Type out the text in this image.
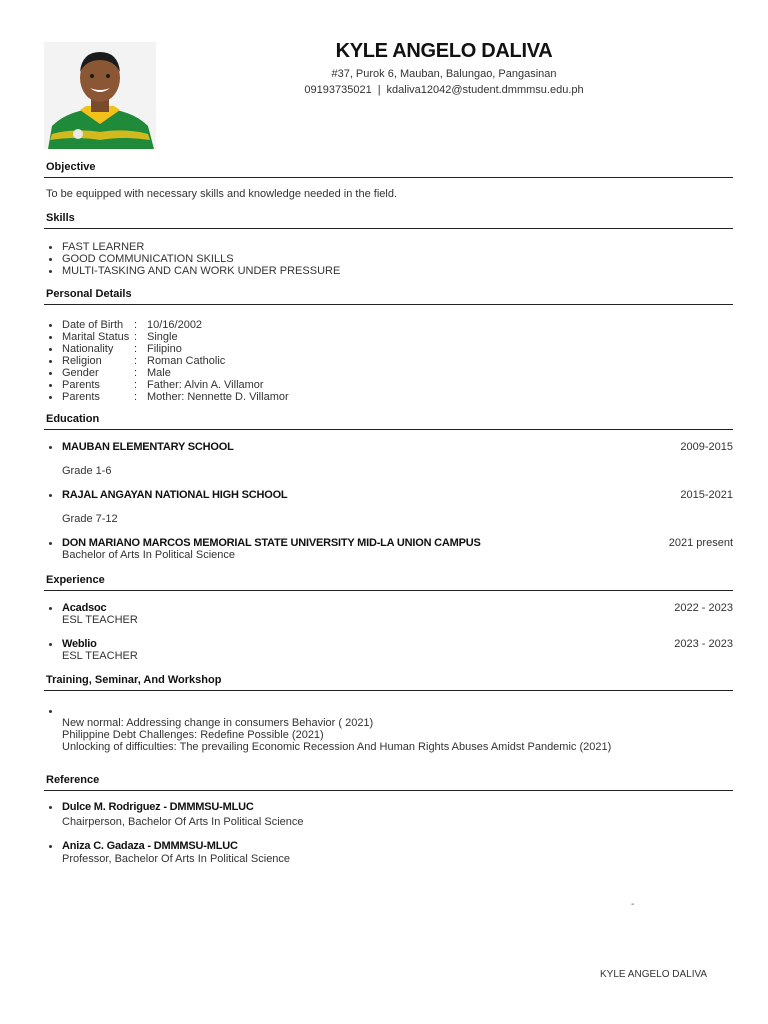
KYLE ANGELO DALIVA
#37, Purok 6, Mauban, Balungao, Pangasinan
09193735021 | kdaliva12042@student.dmmmsu.edu.ph
Objective
To be equipped with necessary skills and knowledge needed in the field.
Skills
FAST LEARNER
GOOD COMMUNICATION SKILLS
MULTI-TASKING AND CAN WORK UNDER PRESSURE
Personal Details
Date of Birth : 10/16/2002
Marital Status : Single
Nationality : Filipino
Religion	: Roman Catholic
Gender	: Male
Parents	: Father: Alvin A. Villamor
Parents	: Mother: Nennette D. Villamor
Education
MAUBAN ELEMENTARY SCHOOL	2009-2015
Grade 1-6
RAJAL ANGAYAN NATIONAL HIGH SCHOOL	2015-2021
Grade 7-12
DON MARIANO MARCOS MEMORIAL STATE UNIVERSITY MID-LA UNION CAMPUS	2021 present
Bachelor of Arts In Political Science
Experience
Acadsoc	2022 - 2023
ESL TEACHER
Weblio	2023 - 2023
ESL TEACHER
Training, Seminar, And Workshop

New normal: Addressing change in consumers Behavior ( 2021)
Philippine Debt Challenges: Redefine Possible (2021)
Unlocking of difficulties: The prevailing Economic Recession And Human Rights Abuses Amidst Pandemic (2021)
Reference
Dulce M. Rodriguez - DMMMSU-MLUC
Chairperson, Bachelor Of Arts In Political Science
Aniza C. Gadaza - DMMMSU-MLUC
Professor, Bachelor Of Arts In Political Science
-
KYLE ANGELO DALIVA
